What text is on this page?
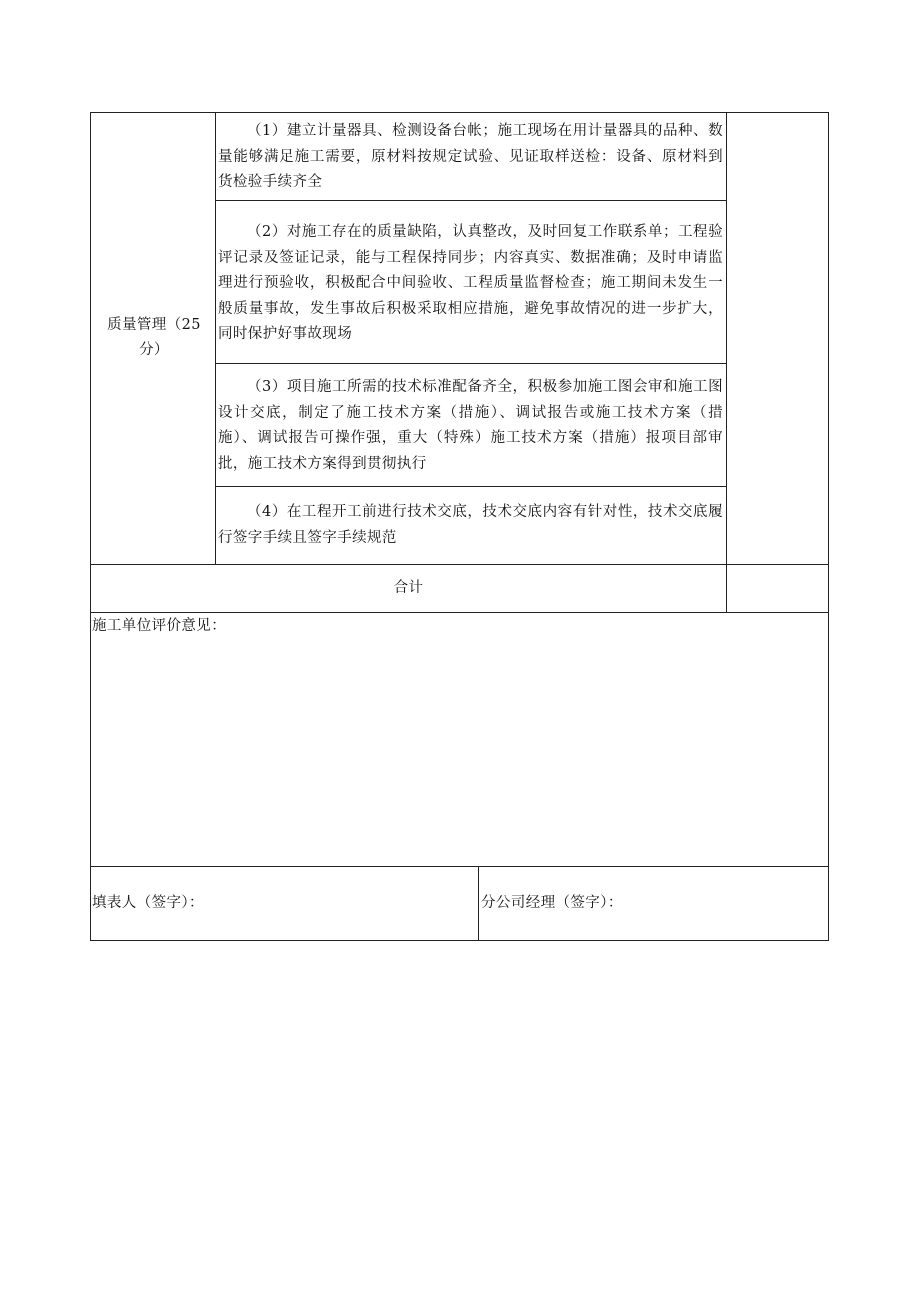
质量管理（25分）
（1）建立计量器具、检测设备台帐；施工现场在用计量器具的品种、数量能够满足施工需要，原材料按规定试验、见证取样送检：设备、原材料到货检验手续齐全
（2）对施工存在的质量缺陷，认真整改，及时回复工作联系单；工程验评记录及签证记录，能与工程保持同步；内容真实、数据准确；及时申请监理进行预验收，积极配合中间验收、工程质量监督检查；施工期间未发生一般质量事故，发生事故后积极采取相应措施，避免事故情况的进一步扩大，同时保护好事故现场
（3）项目施工所需的技术标准配备齐全，积极参加施工图会审和施工图设计交底，制定了施工技术方案（措施）、调试报告或施工技术方案（措施）、调试报告可操作强，重大（特殊）施工技术方案（措施）报项目部审批，施工技术方案得到贯彻执行
（4）在工程开工前进行技术交底，技术交底内容有针对性，技术交底履行签字手续且签字手续规范
合计
施工单位评价意见：
填表人（签字）：	分公司经理（签字）：
